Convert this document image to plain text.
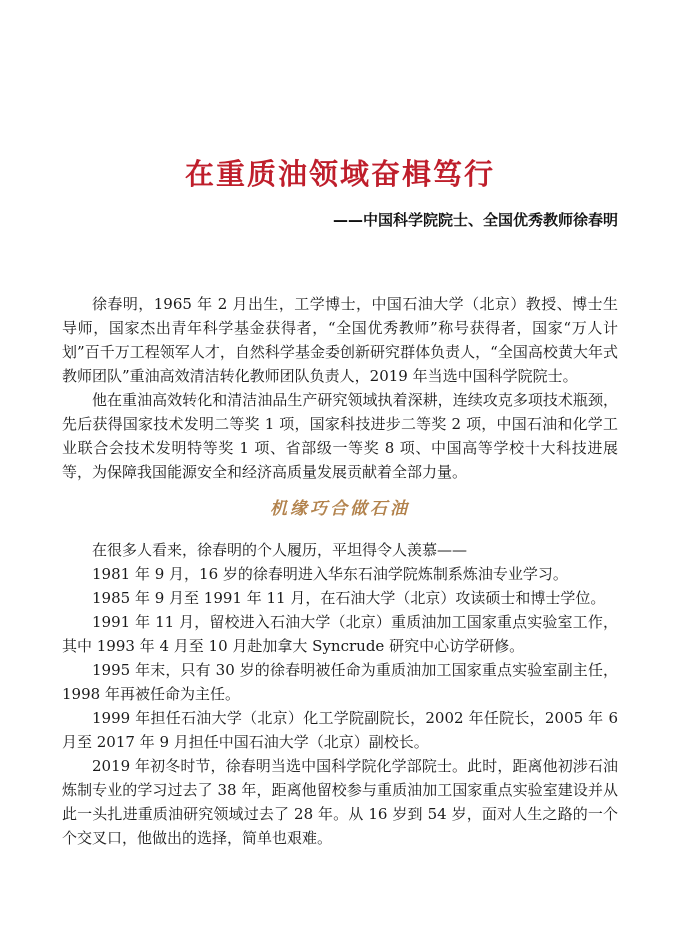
在重质油领域奋楫笃行
——中国科学院院士、全国优秀教师徐春明

徐春明，1965 年 2 月出生，工学博士，中国石油大学（北京）教授、博士生导师，国家杰出青年科学基金获得者，“全国优秀教师”称号获得者，国家“万人计划”百千万工程领军人才，自然科学基金委创新研究群体负责人，“全国高校黄大年式教师团队”重油高效清洁转化教师团队负责人，2019 年当选中国科学院院士。

他在重油高效转化和清洁油品生产研究领域执着深耕，连续攻克多项技术瓶颈，先后获得国家技术发明二等奖 1 项，国家科技进步二等奖 2 项，中国石油和化学工业联合会技术发明特等奖 1 项、省部级一等奖 8 项、中国高等学校十大科技进展等，为保障我国能源安全和经济高质量发展贡献着全部力量。

机缘巧合做石油

在很多人看来，徐春明的个人履历，平坦得令人羡慕——

1981 年 9 月，16 岁的徐春明进入华东石油学院炼制系炼油专业学习。

1985 年 9 月至 1991 年 11 月，在石油大学（北京）攻读硕士和博士学位。

1991 年 11 月，留校进入石油大学（北京）重质油加工国家重点实验室工作，其中 1993 年 4 月至 10 月赴加拿大 Syncrude 研究中心访学研修。

1995 年末，只有 30 岁的徐春明被任命为重质油加工国家重点实验室副主任，1998 年再被任命为主任。

1999 年担任石油大学（北京）化工学院副院长，2002 年任院长，2005 年 6 月至 2017 年 9 月担任中国石油大学（北京）副校长。

2019 年初冬时节，徐春明当选中国科学院化学部院士。此时，距离他初涉石油炼制专业的学习过去了 38 年，距离他留校参与重质油加工国家重点实验室建设并从此一头扎进重质油研究领域过去了 28 年。从 16 岁到 54 岁，面对人生之路的一个个交叉口，他做出的选择，简单也艰难。
